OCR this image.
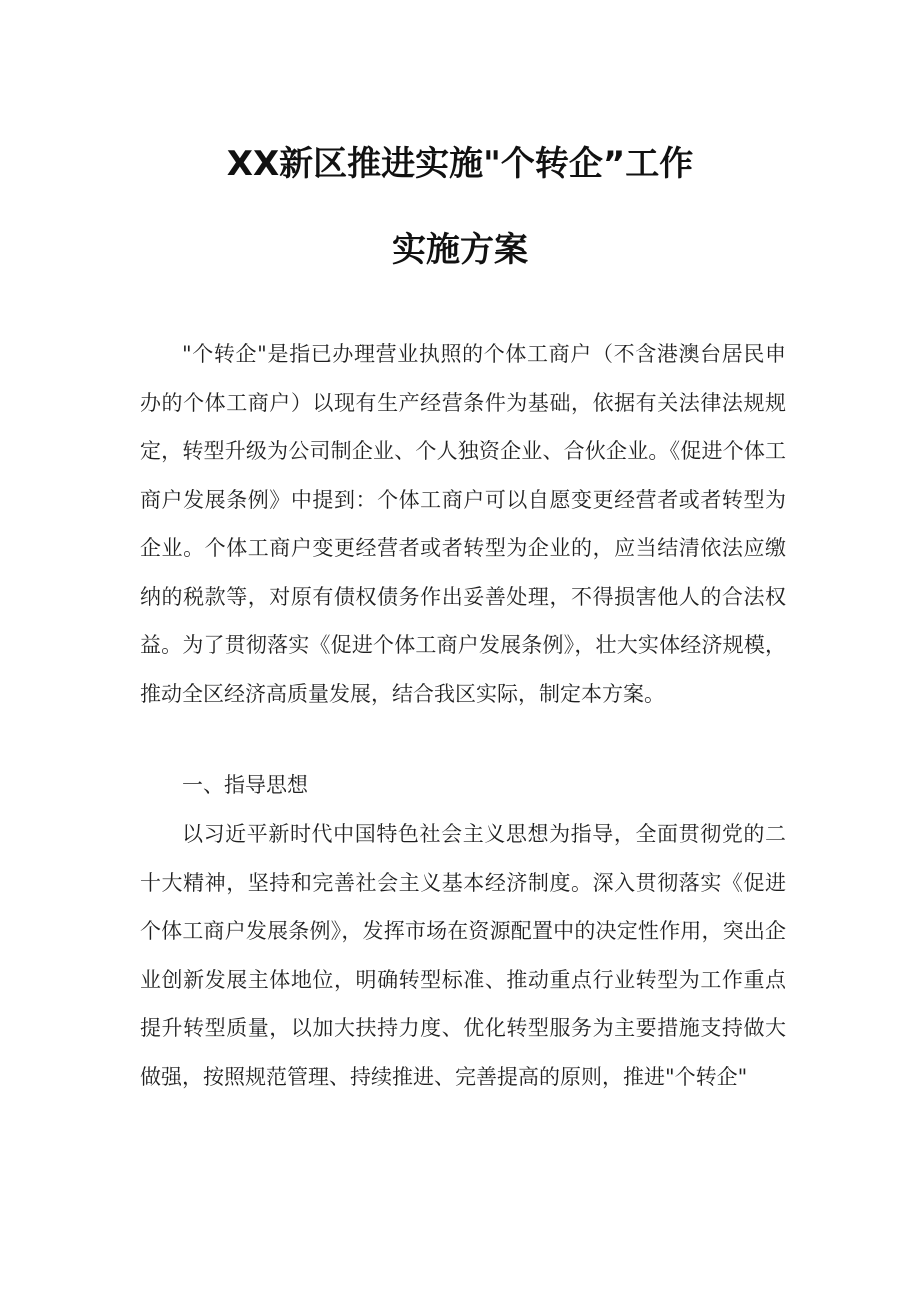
XX新区推进实施"个转企”工作
实施方案

"个转企"是指已办理营业执照的个体工商户（不含港澳台居民申办的个体工商户）以现有生产经营条件为基础，依据有关法律法规规定，转型升级为公司制企业、个人独资企业、合伙企业。《促进个体工商户发展条例》中提到：个体工商户可以自愿变更经营者或者转型为企业。个体工商户变更经营者或者转型为企业的，应当结清依法应缴纳的税款等，对原有债权债务作出妥善处理，不得损害他人的合法权益。为了贯彻落实《促进个体工商户发展条例》，壮大实体经济规模，推动全区经济高质量发展，结合我区实际，制定本方案。

一、指导思想

以习近平新时代中国特色社会主义思想为指导，全面贯彻党的二十大精神，坚持和完善社会主义基本经济制度。深入贯彻落实《促进个体工商户发展条例》，发挥市场在资源配置中的决定性作用，突出企业创新发展主体地位，明确转型标准、推动重点行业转型为工作重点提升转型质量，以加大扶持力度、优化转型服务为主要措施支持做大做强，按照规范管理、持续推进、完善提高的原则，推进"个转企"
